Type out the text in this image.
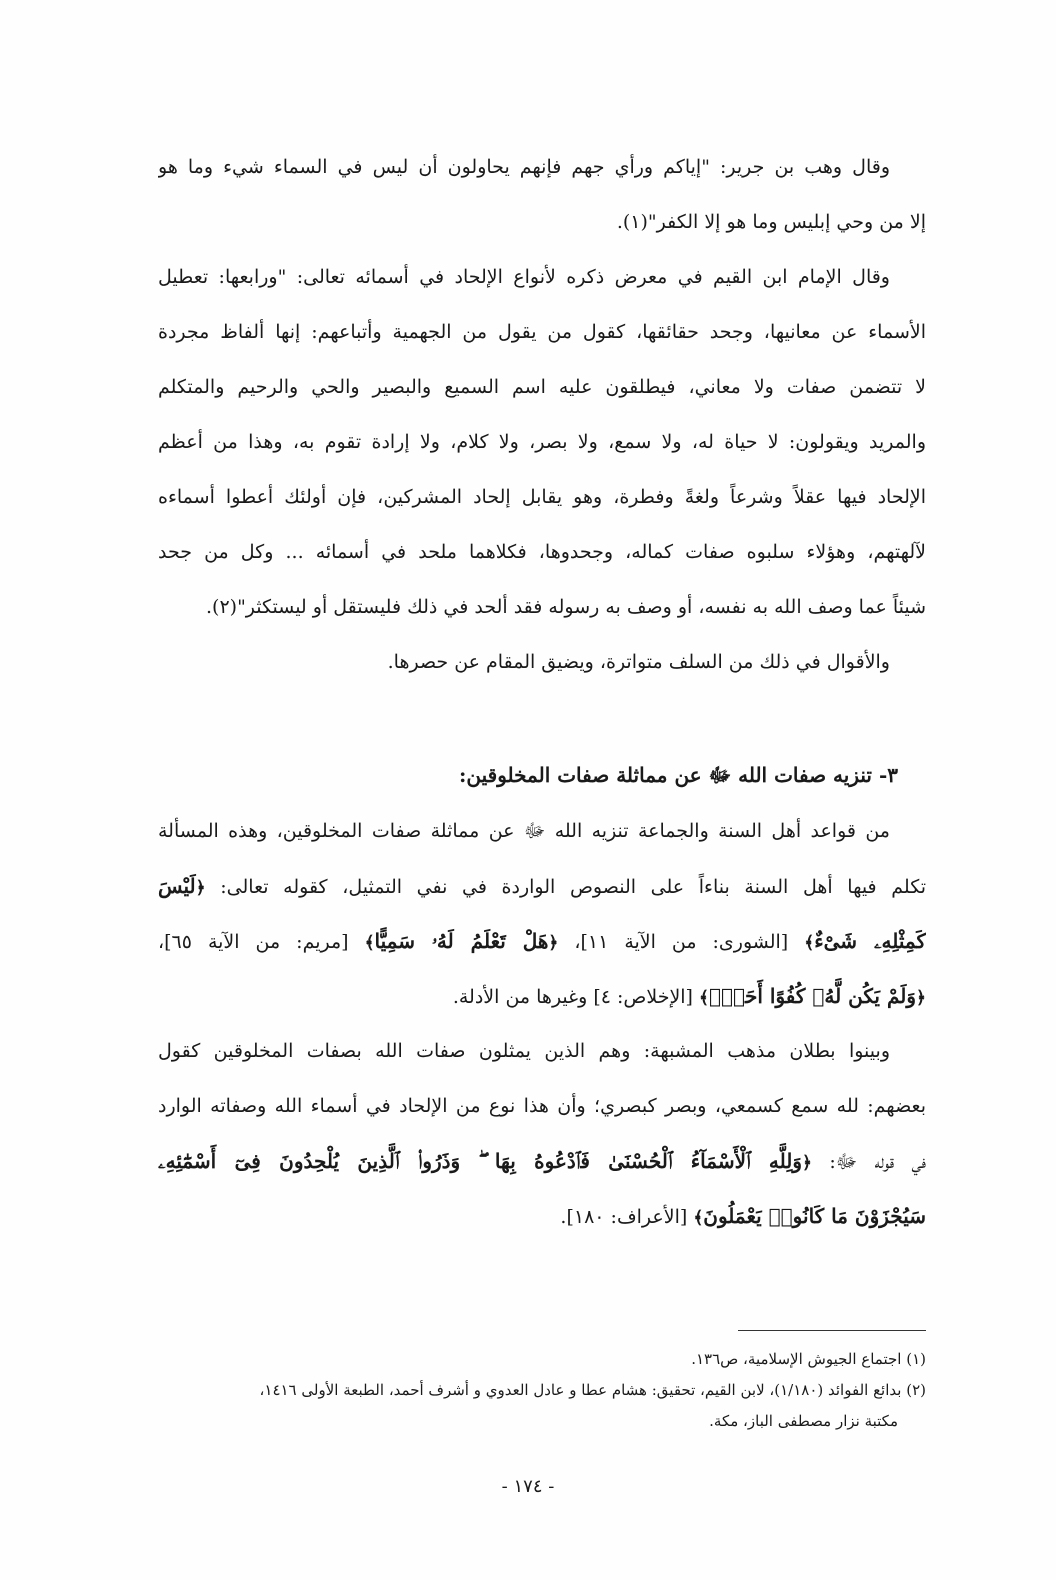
وقال وهب بن جرير: "إياكم ورأي جهم فإنهم يحاولون أن ليس في السماء شيء وما هو
إلا من وحي إبليس وما هو إلا الكفر"(١).
وقال الإمام ابن القيم في معرض ذكره لأنواع الإلحاد في أسمائه تعالى: "ورابعها: تعطيل
الأسماء عن معانيها، وجحد حقائقها، كقول من يقول من الجهمية وأتباعهم: إنها ألفاظ مجردة
لا تتضمن صفات ولا معاني، فيطلقون عليه اسم السميع والبصير والحي والرحيم والمتكلم
والمريد ويقولون: لا حياة له، ولا سمع، ولا بصر، ولا كلام، ولا إرادة تقوم به، وهذا من أعظم
الإلحاد فيها عقلاً وشرعاً ولغةً وفطرة، وهو يقابل إلحاد المشركين، فإن أولئك أعطوا أسماءه
لآلهتهم، وهؤلاء سلبوه صفات كماله، وجحدوها، فكلاهما ملحد في أسمائه ... وكل من جحد
شيئاً عما وصف الله به نفسه، أو وصف به رسوله فقد ألحد في ذلك فليستقل أو ليستكثر"(٢).
والأقوال في ذلك من السلف متواترة، ويضيق المقام عن حصرها.
٣- تنزيه صفات الله ﷻ عن مماثلة صفات المخلوقين:
من قواعد أهل السنة والجماعة تنزيه الله ﷻ عن مماثلة صفات المخلوقين، وهذه المسألة
تكلم فيها أهل السنة بناءاً على النصوص الواردة في نفي التمثيل، كقوله تعالى: ﴿لَيْسَ
كَمِثْلِهِۦ شَىْءٌ﴾ [الشورى: من الآية ١١]، ﴿هَلْ تَعْلَمُ لَهُۥ سَمِيًّا﴾ [مريم: من الآية ٦٥]،
﴿وَلَمْ يَكُن لَّهُۥ كُفُوًا أَحَدٌۢ﴾ [الإخلاص: ٤] وغيرها من الأدلة.
وبينوا بطلان مذهب المشبهة: وهم الذين يمثلون صفات الله بصفات المخلوقين كقول
بعضهم: لله سمع كسمعي، وبصر كبصري؛ وأن هذا نوع من الإلحاد في أسماء الله وصفاته الوارد
في قوله ﷻ: ﴿وَلِلَّهِ ٱلْأَسْمَآءُ ٱلْحُسْنَىٰ فَٱدْعُوهُ بِهَا ۖ وَذَرُوا۟ ٱلَّذِينَ يُلْحِدُونَ فِىٓ أَسْمَٰٓئِهِۦ
سَيُجْزَوْنَ مَا كَانُوا۟ يَعْمَلُونَ﴾ [الأعراف: ١٨٠].
(١) اجتماع الجيوش الإسلامية، ص١٣٦.
(٢) بدائع الفوائد (١/١٨٠)، لابن القيم، تحقيق: هشام عطا و عادل العدوي و أشرف أحمد، الطبعة الأولى ١٤١٦،
مكتبة نزار مصطفى الباز، مكة.
- ١٧٤ -
